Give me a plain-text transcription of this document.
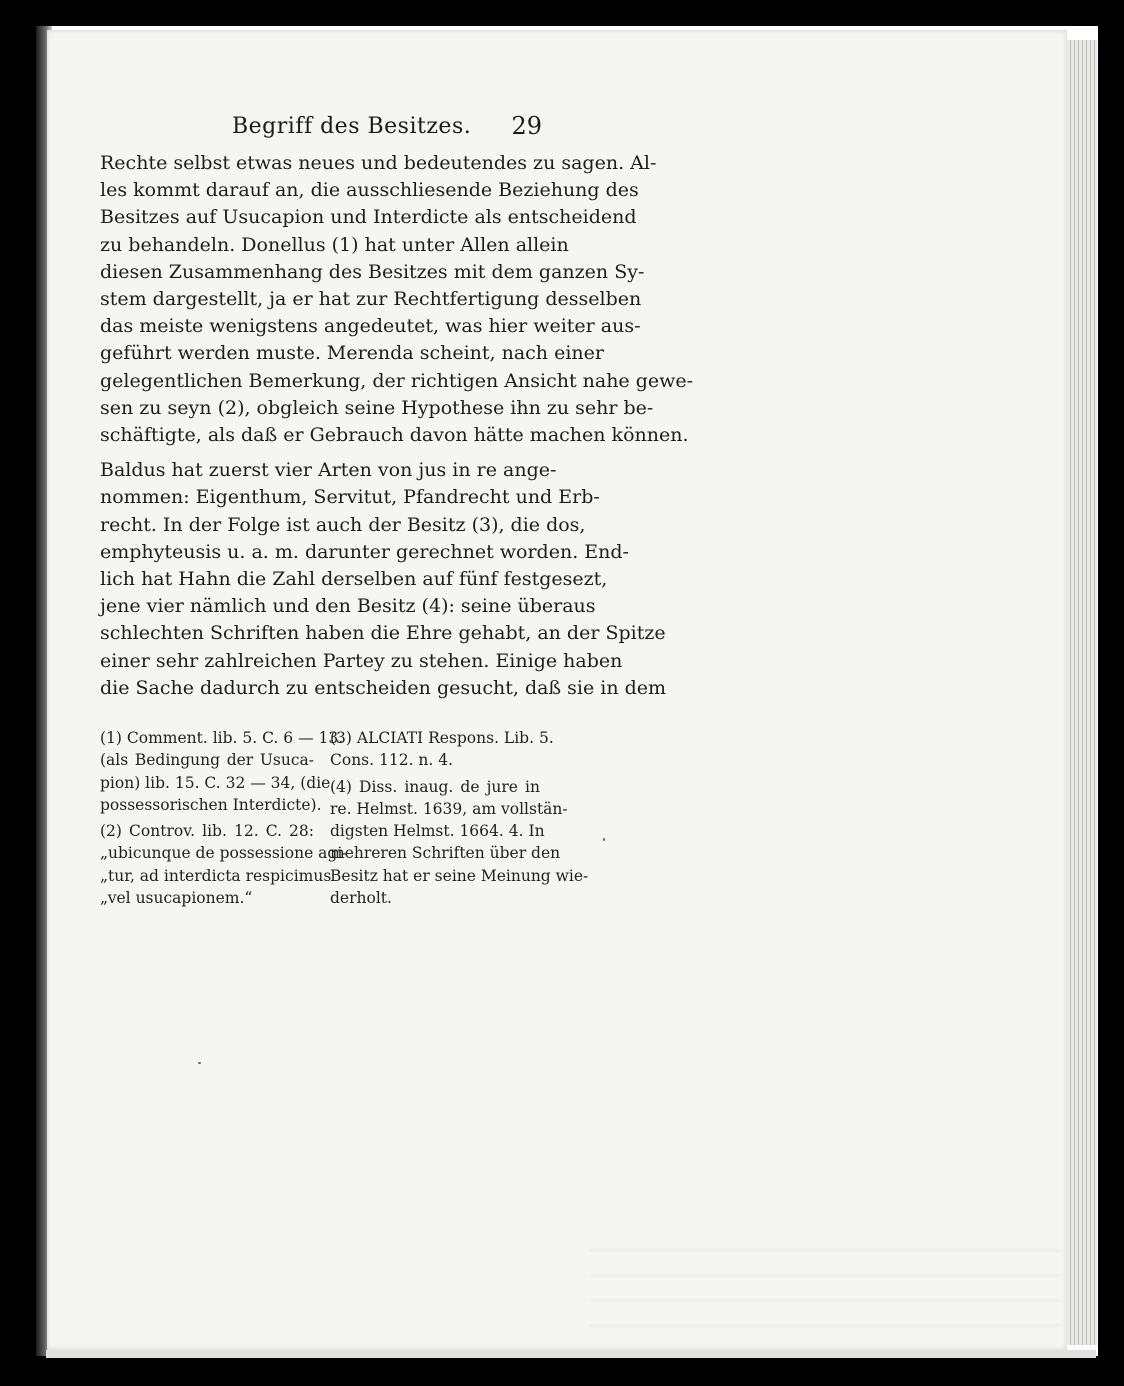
Begriff des Besitzes. 29
Rechte selbst etwas neues und bedeutendes zu sagen. Al-
les kommt darauf an, die ausschliesende Beziehung des
Besitzes auf Usucapion und Interdicte als entscheidend
zu behandeln. Donellus (1) hat unter Allen allein
diesen Zusammenhang des Besitzes mit dem ganzen Sy-
stem dargestellt, ja er hat zur Rechtfertigung desselben
das meiste wenigstens angedeutet, was hier weiter aus-
geführt werden muste. Merenda scheint, nach einer
gelegentlichen Bemerkung, der richtigen Ansicht nahe gewe-
sen zu seyn (2), obgleich seine Hypothese ihn zu sehr be-
schäftigte, als daß er Gebrauch davon hätte machen können.
Baldus hat zuerst vier Arten von jus in re ange-
nommen: Eigenthum, Servitut, Pfandrecht und Erb-
recht. In der Folge ist auch der Besitz (3), die dos,
emphyteusis u. a. m. darunter gerechnet worden. End-
lich hat Hahn die Zahl derselben auf fünf festgesezt,
jene vier nämlich und den Besitz (4): seine überaus
schlechten Schriften haben die Ehre gehabt, an der Spitze
einer sehr zahlreichen Partey zu stehen. Einige haben
die Sache dadurch zu entscheiden gesucht, daß sie in dem
(1) Comment. lib. 5. C. 6 — 13.
(als Bedingung der Usuca-
pion) lib. 15. C. 32 — 34, (die
possessorischen Interdicte).
(2) Controv. lib. 12. C. 28:
„ubicunque de possessione agi-
„tur, ad interdicta respicimus
„vel usucapionem.“
(3) ALCIATI Respons. Lib. 5.
Cons. 112. n. 4.
(4) Diss. inaug. de jure in
re. Helmst. 1639, am vollstän-
digsten Helmst. 1664. 4. In
mehreren Schriften über den
Besitz hat er seine Meinung wie-
derholt.
